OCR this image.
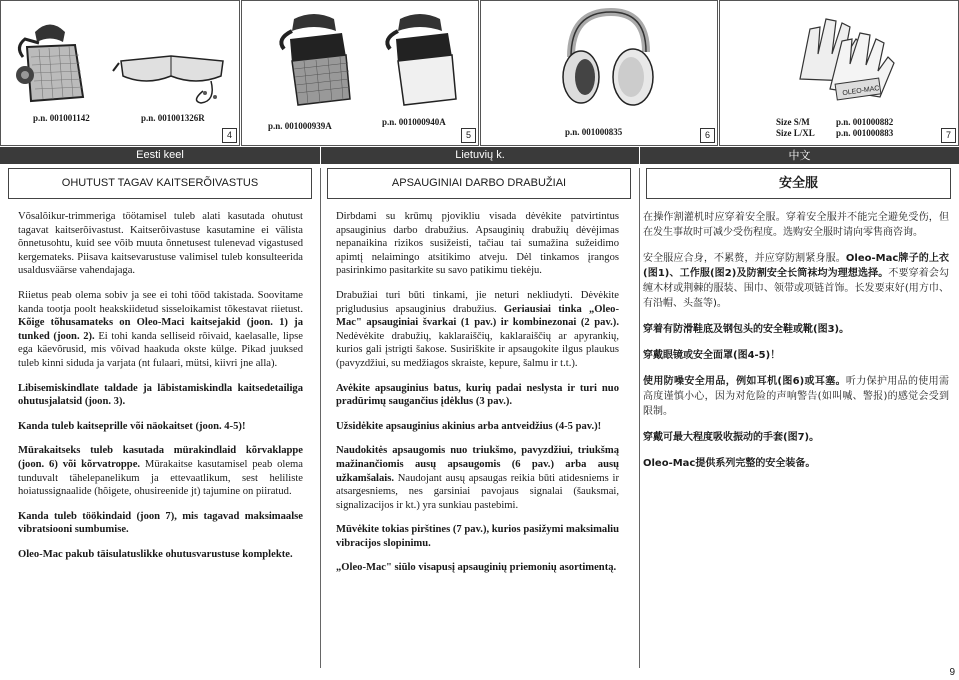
p.n. 001001142	p.n. 001001326R
4
p.n. 001000939A	p.n. 001000940A
5	p.n. 001000835	6
OLEO-MAC
Size S/M
Size L/XL
p.n. 001000882
p.n. 001000883	7
Eesti keel	Lietuvių k.	中文
OHUTUST TAGAV KAITSERÕIVASTUS	APSAUGINIAI DARBO DRABUŽIAI	安全服

Võsalõikur-trimmeriga töötamisel tuleb alati kasutada ohutust tagavat kaitserõivastust. Kaitserõivastuse kasutamine ei välista õnnetusohtu, kuid see võib muuta õnnetusest tulenevad vigastused kergemateks. Piisava kaitsevarustuse valimisel tuleb konsulteerida usaldusväärse vahendajaga.

Riietus peab olema sobiv ja see ei tohi tööd takistada. Soovitame kanda tootja poolt heakskiidetud sisseloikamist tõkestavat riietust. Kõige tõhusamateks on Oleo-Maci kaitsejakid (joon. 1) ja tunked (joon. 2). Ei tohi kanda selliseid rõivaid, kaelasalle, lipse ega käevõrusid, mis võivad haakuda okste külge. Pikad juuksed tuleb kinni siduda ja varjata (nt fulaari, mütsi, kiivri jne alla).

Libisemiskindlate taldade ja läbistamiskindla kaitsedetailiga ohutusjalatsid (joon. 3).

Kanda tuleb kaitseprille või näokaitset (joon. 4-5)!

Mürakaitseks tuleb kasutada mürakindlaid kõrvaklappe (joon. 6) või kõrvatroppe. Mürakaitse kasutamisel peab olema tunduvalt tähelepanelikum ja ettevaatlikum, sest heliliste hoiatussignaalide (hõigete, ohusireenide jt) tajumine on piiratud.

Kanda tuleb töökindaid (joon 7), mis tagavad maksimaalse vibratsiooni sumbumise.

Oleo-Mac pakub täisulatuslikke ohutusvarustuse komplekte.

Dirbdami su krūmų pjovikliu visada dėvėkite patvirtintus apsauginius darbo drabužius. Apsauginių drabužių dėvėjimas nepanaikina rizikos susižeisti, tačiau tai sumažina sužeidimo apimtį nelaimingo atsitikimo atveju. Dėl tinkamos įrangos pasirinkimo pasitarkite su savo patikimu tiekėju.

Drabužiai turi būti tinkami, jie neturi nekliudyti. Dėvėkite prigludusius apsauginius drabužius. Geriausiai tinka „Oleo-Mac" apsauginiai švarkai (1 pav.) ir kombinezonai (2 pav.). Nedėvėkite drabužių, kaklaraiščių, kaklaraiščių ar apyrankių, kurios gali įstrigti šakose. Susiriškite ir apsaugokite ilgus plaukus (pavyzdžiui, su medžiagos skraiste, kepure, šalmu ir t.t.).

Avėkite apsauginius batus, kurių padai neslysta ir turi nuo pradūrimų saugančius įdėklus (3 pav.).

Užsidėkite apsauginius akinius arba antveidžius (4-5 pav.)!

Naudokitės apsaugomis nuo triukšmo, pavyzdžiui, triukšmą mažinančiomis ausų apsaugomis (6 pav.) arba ausų užkamšalais. Naudojant ausų apsaugas reikia būti atidesniems ir atsargesniems, nes garsiniai pavojaus signalai (šauksmai, signalizacijos ir kt.) yra sunkiau pastebimi.

Mūvėkite tokias pirštines (7 pav.), kurios pasižymi maksimaliu vibracijos slopinimu.

„Oleo-Mac" siūlo visapusį apsauginių priemonių asortimentą.

在操作割灌机时应穿着安全服。穿着安全服并不能完全避免受伤，但在发生事故时可减少受伤程度。选购安全服时请向零售商咨询。

安全服应合身，不累赘，并应穿防割紧身服。Oleo-Mac牌子的上衣(图1)、工作服(图2)及防割安全长筒袜均为理想选择。不要穿着会勾缠木材或荆棘的服装、围巾、领带或项链首饰。长发要束好(用方巾、有沿帽、头盔等)。

穿着有防滑鞋底及钢包头的安全鞋或靴(图3)。

穿戴眼镜或安全面罩(图4-5)！

使用防噪安全用品，例如耳机(图6)或耳塞。听力保护用品的使用需高度谨慎小心，因为对危险的声响警告(如叫喊、警报)的感觉会受到限制。

穿戴可最大程度吸收振动的手套(图7)。

Oleo-Mac提供系列完整的安全装备。

9
